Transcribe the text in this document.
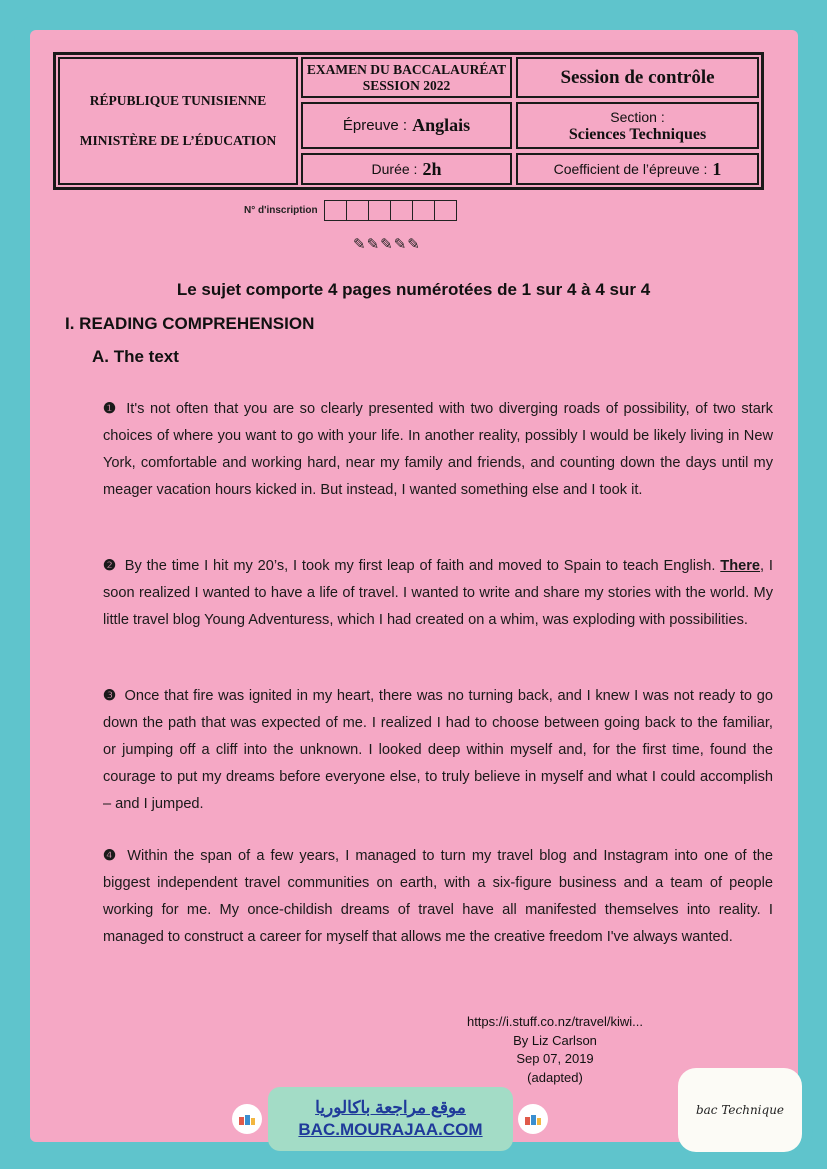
RÉPUBLIQUE TUNISIENNE
MINISTÈRE DE L’ÉDUCATION
EXAMEN DU BACCALAURÉAT
SESSION 2022	Session de contrôle
Épreuve : Anglais	Section :
Sciences Techniques
Durée : 2h	Coefficient de l’épreuve : 1
N° d'inscription
✎✎✎✎✎
Le sujet comporte 4 pages numérotées de 1 sur 4 à 4 sur 4
I. READING COMPREHENSION
A. The text
❶ It's not often that you are so clearly presented with two diverging roads of possibility, of two stark choices of where you want to go with your life. In another reality, possibly I would be likely living in New York, comfortable and working hard, near my family and friends, and counting down the days until my meager vacation hours kicked in. But instead, I wanted something else and I took it.
❷ By the time I hit my 20’s, I took my first leap of faith and moved to Spain to teach English. There, I soon realized I wanted to have a life of travel. I wanted to write and share my stories with the world. My little travel blog Young Adventuress, which I had created on a whim, was exploding with possibilities.
❸ Once that fire was ignited in my heart, there was no turning back, and I knew I was not ready to go down the path that was expected of me. I realized I had to choose between going back to the familiar, or jumping off a cliff into the unknown. I looked deep within myself and, for the first time, found the courage to put my dreams before everyone else, to truly believe in myself and what I could accomplish – and I jumped.
❹ Within the span of a few years, I managed to turn my travel blog and Instagram into one of the biggest independent travel communities on earth, with a six-figure business and a team of people working for me. My once-childish dreams of travel have all manifested themselves into reality. I managed to construct a career for myself that allows me the creative freedom I've always wanted.
https://i.stuff.co.nz/travel/kiwi...
By Liz Carlson
Sep 07, 2019
(adapted)
موقع مراجعة باكالوريا
BAC.MOURAJAA.COM
bac Technique
